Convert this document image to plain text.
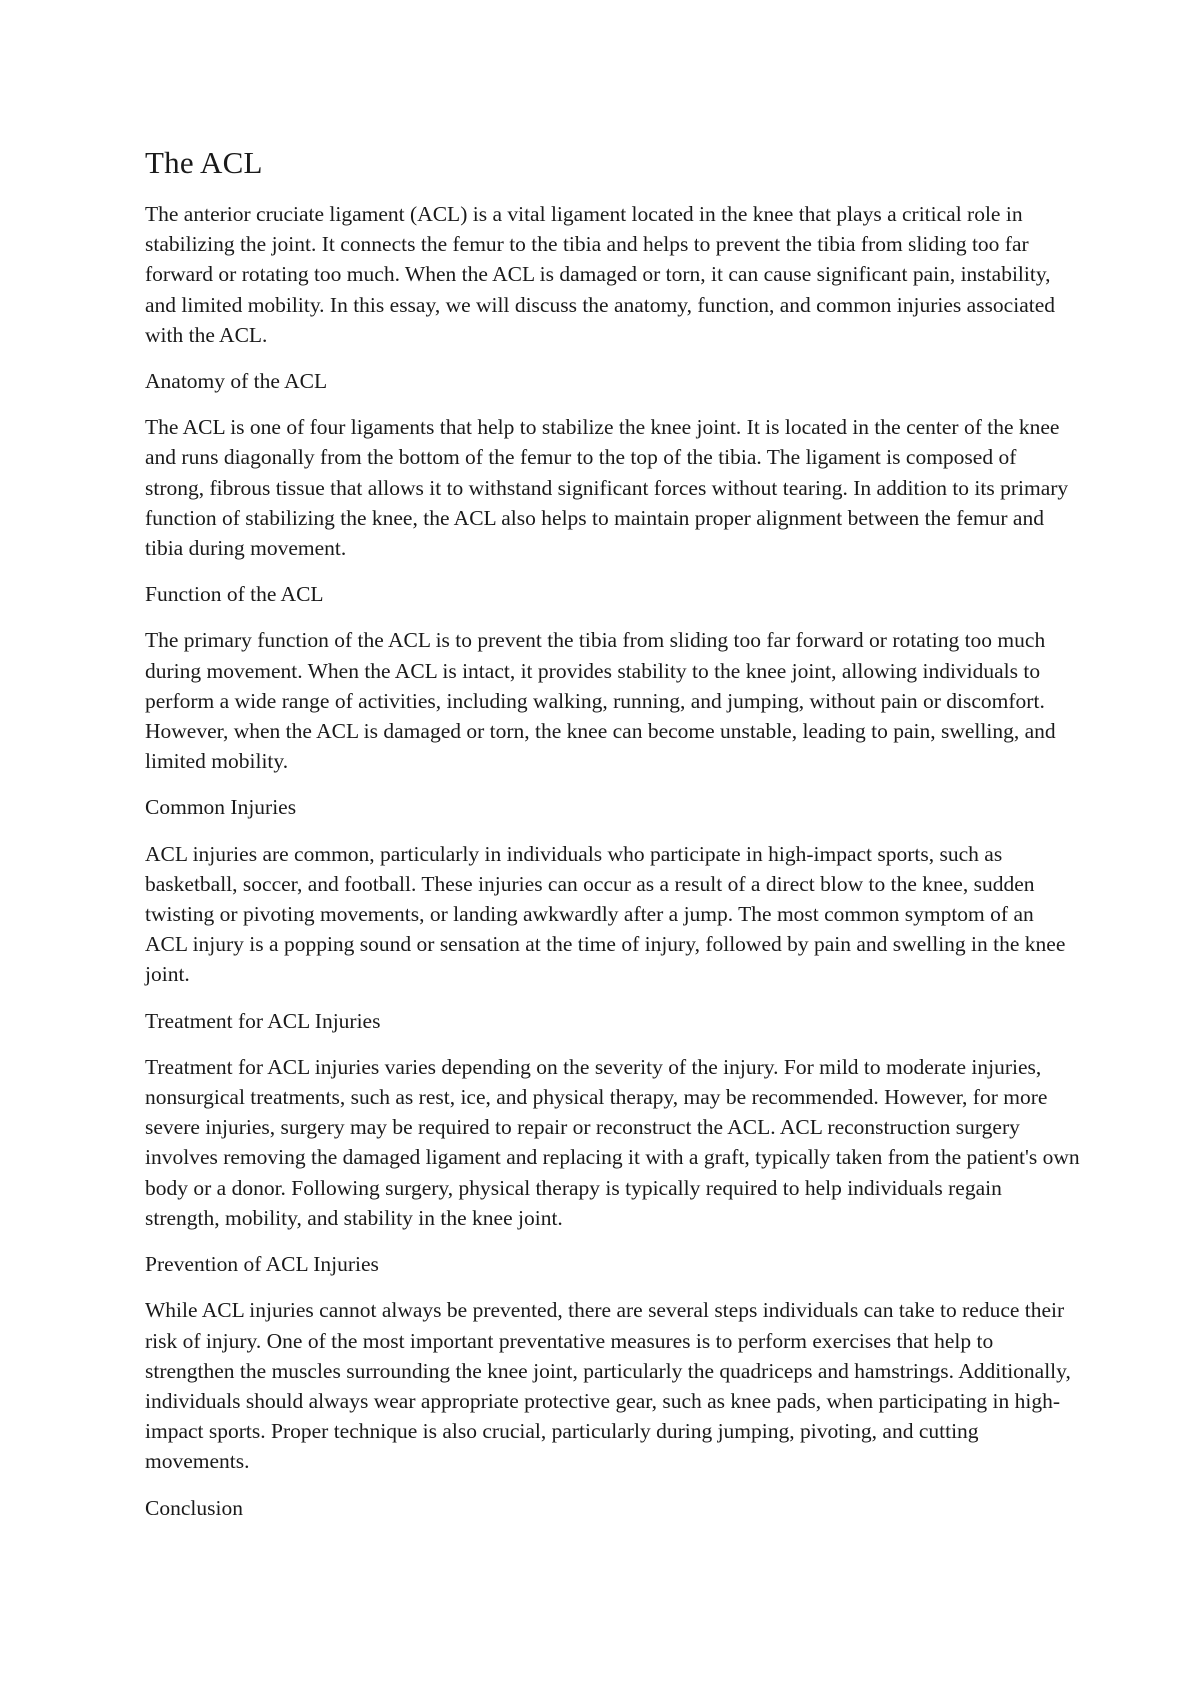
The ACL

The anterior cruciate ligament (ACL) is a vital ligament located in the knee that plays a critical role in stabilizing the joint. It connects the femur to the tibia and helps to prevent the tibia from sliding too far forward or rotating too much. When the ACL is damaged or torn, it can cause significant pain, instability, and limited mobility. In this essay, we will discuss the anatomy, function, and common injuries associated with the ACL.

Anatomy of the ACL

The ACL is one of four ligaments that help to stabilize the knee joint. It is located in the center of the knee and runs diagonally from the bottom of the femur to the top of the tibia. The ligament is composed of strong, fibrous tissue that allows it to withstand significant forces without tearing. In addition to its primary function of stabilizing the knee, the ACL also helps to maintain proper alignment between the femur and tibia during movement.

Function of the ACL

The primary function of the ACL is to prevent the tibia from sliding too far forward or rotating too much during movement. When the ACL is intact, it provides stability to the knee joint, allowing individuals to perform a wide range of activities, including walking, running, and jumping, without pain or discomfort. However, when the ACL is damaged or torn, the knee can become unstable, leading to pain, swelling, and limited mobility.

Common Injuries

ACL injuries are common, particularly in individuals who participate in high-impact sports, such as basketball, soccer, and football. These injuries can occur as a result of a direct blow to the knee, sudden twisting or pivoting movements, or landing awkwardly after a jump. The most common symptom of an ACL injury is a popping sound or sensation at the time of injury, followed by pain and swelling in the knee joint.

Treatment for ACL Injuries

Treatment for ACL injuries varies depending on the severity of the injury. For mild to moderate injuries, nonsurgical treatments, such as rest, ice, and physical therapy, may be recommended. However, for more severe injuries, surgery may be required to repair or reconstruct the ACL. ACL reconstruction surgery involves removing the damaged ligament and replacing it with a graft, typically taken from the patient's own body or a donor. Following surgery, physical therapy is typically required to help individuals regain strength, mobility, and stability in the knee joint.

Prevention of ACL Injuries

While ACL injuries cannot always be prevented, there are several steps individuals can take to reduce their risk of injury. One of the most important preventative measures is to perform exercises that help to strengthen the muscles surrounding the knee joint, particularly the quadriceps and hamstrings. Additionally, individuals should always wear appropriate protective gear, such as knee pads, when participating in high-impact sports. Proper technique is also crucial, particularly during jumping, pivoting, and cutting movements.

Conclusion
